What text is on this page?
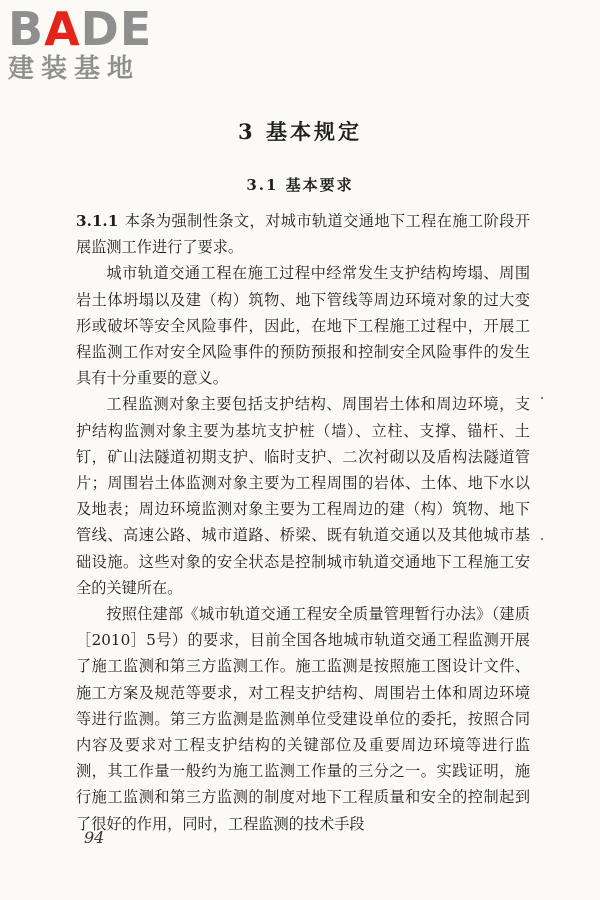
BADE
建装基地
3 基本规定
3.1 基本要求

3.1.1 本条为强制性条文，对城市轨道交通地下工程在施工阶段开展监测工作进行了要求。

城市轨道交通工程在施工过程中经常发生支护结构垮塌、周围岩土体坍塌以及建（构）筑物、地下管线等周边环境对象的过大变形或破坏等安全风险事件，因此，在地下工程施工过程中，开展工程监测工作对安全风险事件的预防预报和控制安全风险事件的发生具有十分重要的意义。

工程监测对象主要包括支护结构、周围岩土体和周边环境，支护结构监测对象主要为基坑支护桩（墙）、立柱、支撑、锚杆、土钉，矿山法隧道初期支护、临时支护、二次衬砌以及盾构法隧道管片；周围岩土体监测对象主要为工程周围的岩体、土体、地下水以及地表；周边环境监测对象主要为工程周边的建（构）筑物、地下管线、高速公路、城市道路、桥梁、既有轨道交通以及其他城市基础设施。这些对象的安全状态是控制城市轨道交通地下工程施工安全的关键所在。

按照住建部《城市轨道交通工程安全质量管理暂行办法》（建质［2010］5号）的要求，目前全国各地城市轨道交通工程监测开展了施工监测和第三方监测工作。施工监测是按照施工图设计文件、施工方案及规范等要求，对工程支护结构、周围岩土体和周边环境等进行监测。第三方监测是监测单位受建设单位的委托，按照合同内容及要求对工程支护结构的关键部位及重要周边环境等进行监测，其工作量一般约为施工监测工作量的三分之一。实践证明，施行施工监测和第三方监测的制度对地下工程质量和安全的控制起到了很好的作用，同时，工程监测的技术手段

94
